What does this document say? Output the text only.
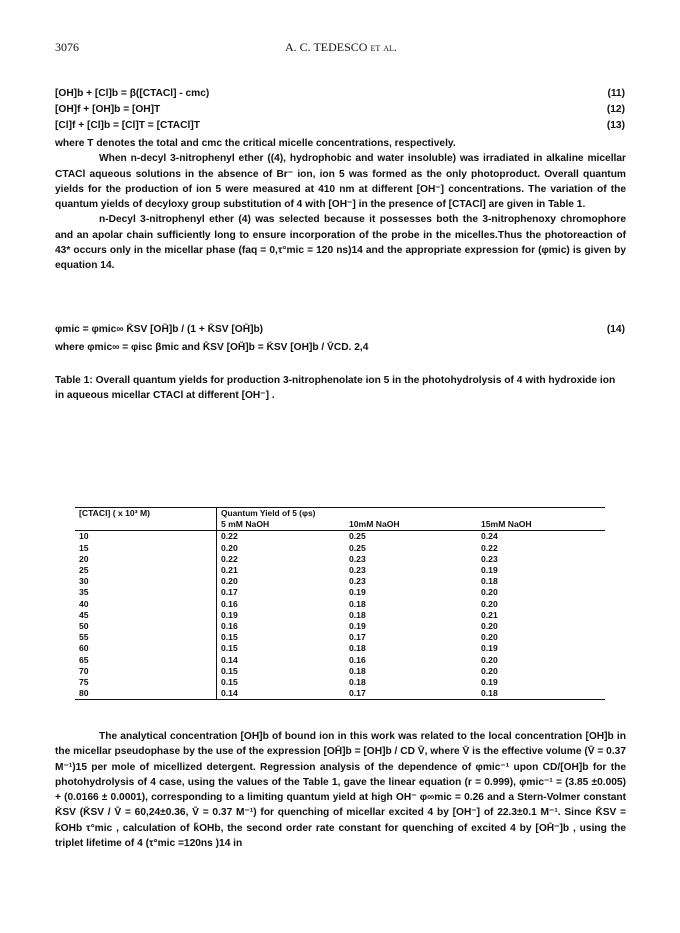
3076	A. C. TEDESCO et al.
[OH]b + [Cl]b = β([CTACl] - cmc)	(11)
[OH]f + [OH]b = [OH]T	(12)
[Cl]f + [Cl]b = [Cl]T = [CTACl]T	(13)

where T denotes the total and cmc the critical micelle concentrations, respectively.

When n-decyl 3-nitrophenyl ether ((4), hydrophobic and water insoluble) was irradiated in alkaline micellar CTACl aqueous solutions in the absence of Br⁻ ion, ion 5 was formed as the only photoproduct. Overall quantum yields for the production of ion 5 were measured at 410 nm at different [OH⁻] concentrations. The variation of the quantum yields of decyloxy group substitution of 4 with [OH⁻] in the presence of [CTACl] are given in Table 1.

n-Decyl 3-nitrophenyl ether (4) was selected because it possesses both the 3-nitrophenoxy chromophore and an apolar chain sufficiently long to ensure incorporation of the probe in the micelles.Thus the photoreaction of 43* occurs only in the micellar phase (faq = 0,τ°mic = 120 ns)14 and the appropriate expression for (φmic) is given by equation 14.

φmic = φmic∞ K̄SV [OH̄]b / (1 + K̄SV [OH̄]b)	(14)

where φmic∞ = φisc βmic and K̄SV [OH̄]b = K̄SV [OH]b / V̄CD. 2,4

Table 1: Overall quantum yields for production 3-nitrophenolate ion 5 in the photohydrolysis of 4 with hydroxide ion in aqueous micellar CTACl at different [OH⁻] .
[CTACl] ( x 10³ M)	Quantum Yield of 5 (φs)		
	5 mM NaOH	10mM NaOH	15mM NaOH
10	0.22	0.25	0.24
15	0.20	0.25	0.22
20	0.22	0.23	0.23
25	0.21	0.23	0.19
30	0.20	0.23	0.18
35	0.17	0.19	0.20
40	0.16	0.18	0.20
45	0.19	0.18	0.21
50	0.16	0.19	0.20
55	0.15	0.17	0.20
60	0.15	0.18	0.19
65	0.14	0.16	0.20
70	0.15	0.18	0.20
75	0.15	0.18	0.19
80	0.14	0.17	0.18

The analytical concentration [OH]b of bound ion in this work was related to the local concentration [OH]b in the micellar pseudophase by the use of the expression [OH̄]b = [OH]b / CD V̄, where V̄ is the effective volume (V̄ = 0.37 M⁻¹)15 per mole of micellized detergent. Regression analysis of the dependence of φmic⁻¹ upon CD/[OH]b for the photohydrolysis of 4 case, using the values of the Table 1, gave the linear equation (r = 0.999), φmic⁻¹ = (3.85 ±0.005) + (0.0166 ± 0.0001), corresponding to a limiting quantum yield at high OH⁻ φ∞mic = 0.26 and a Stern-Volmer constant K̄SV (K̄SV / V̄ = 60,24±0.36, V̄ = 0.37 M⁻¹) for quenching of micellar excited 4 by [OH⁻] of 22.3±0.1 M⁻¹. Since K̄SV = k̄OHb τ°mic , calculation of k̄OHb, the second order rate constant for quenching of excited 4 by [OH̄⁻]b , using the triplet lifetime of 4 (τ°mic =120ns )14 in
